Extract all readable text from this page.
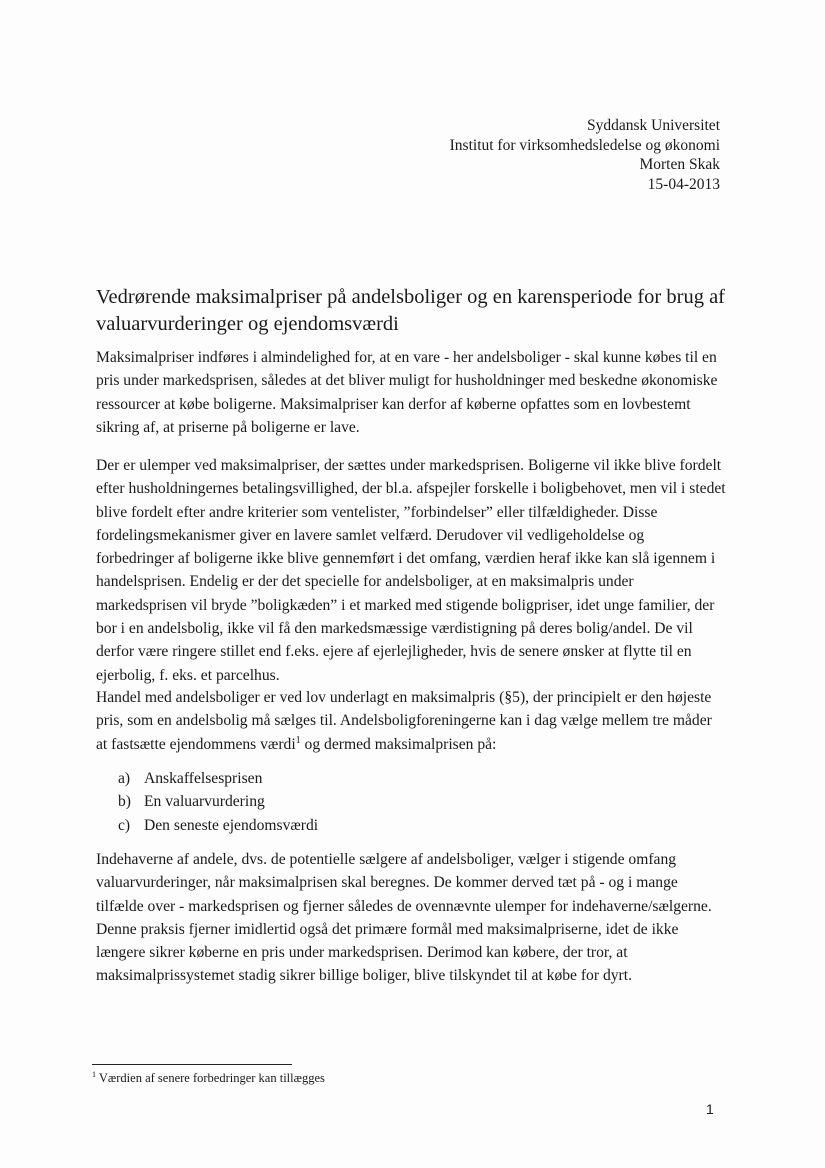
Syddansk Universitet
Institut for virksomhedsledelse og økonomi
Morten Skak
15-04-2013
Vedrørende maksimalpriser på andelsboliger og en karensperiode for brug af valuarvurderinger og ejendomsværdi

Maksimalpriser indføres i almindelighed for, at en vare - her andelsboliger - skal kunne købes til en pris under markedsprisen, således at det bliver muligt for husholdninger med beskedne økonomiske ressourcer at købe boligerne. Maksimalpriser kan derfor af køberne opfattes som en lovbestemt sikring af, at priserne på boligerne er lave.

Der er ulemper ved maksimalpriser, der sættes under markedsprisen. Boligerne vil ikke blive fordelt efter husholdningernes betalingsvillighed, der bl.a. afspejler forskelle i boligbehovet, men vil i stedet blive fordelt efter andre kriterier som ventelister, ”forbindelser” eller tilfældigheder. Disse fordelingsmekanismer giver en lavere samlet velfærd. Derudover vil vedligeholdelse og forbedringer af boligerne ikke blive gennemført i det omfang, værdien heraf ikke kan slå igennem i handelsprisen. Endelig er der det specielle for andelsboliger, at en maksimalpris under markedsprisen vil bryde ”boligkæden” i et marked med stigende boligpriser, idet unge familier, der bor i en andelsbolig, ikke vil få den markedsmæssige værdistigning på deres bolig/andel. De vil derfor være ringere stillet end f.eks. ejere af ejerlejligheder, hvis de senere ønsker at flytte til en ejerbolig, f. eks. et parcelhus.

Handel med andelsboliger er ved lov underlagt en maksimalpris (§5), der principielt er den højeste pris, som en andelsbolig må sælges til. Andelsboligforeningerne kan i dag vælge mellem tre måder at fastsætte ejendommens værdi$^1$ og dermed maksimalprisen på:

a) Anskaffelsesprisen
b) En valuarvurdering
c) Den seneste ejendomsværdi

Indehaverne af andele, dvs. de potentielle sælgere af andelsboliger, vælger i stigende omfang valuarvurderinger, når maksimalprisen skal beregnes. De kommer derved tæt på - og i mange tilfælde over - markedsprisen og fjerner således de ovennævnte ulemper for indehaverne/sælgerne. Denne praksis fjerner imidlertid også det primære formål med maksimalpriserne, idet de ikke længere sikrer køberne en pris under markedsprisen. Derimod kan købere, der tror, at maksimalprissystemet stadig sikrer billige boliger, blive tilskyndet til at købe for dyrt.

$^1$ Værdien af senere forbedringer kan tillægges
1
